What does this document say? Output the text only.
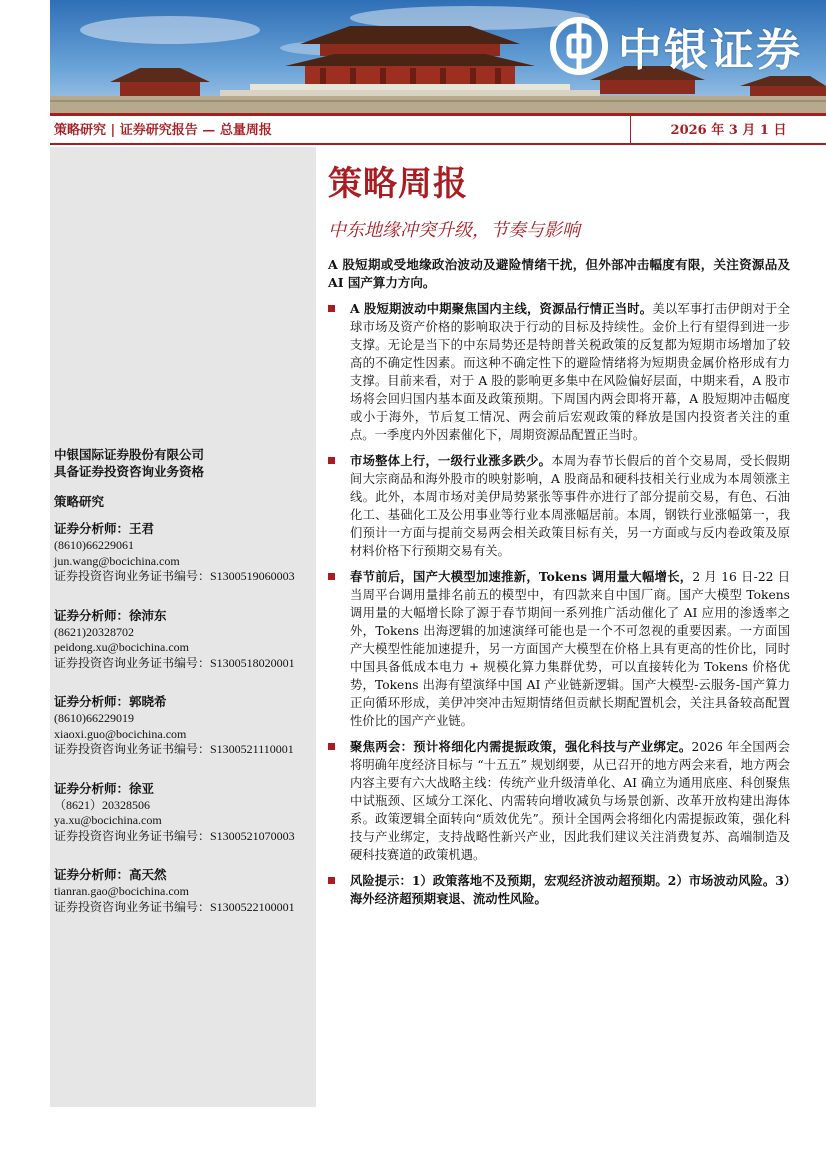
中银证券
策略研究 | 证券研究报告 — 总量周报	2026 年 3 月 1 日
中银国际证券股份有限公司
具备证券投资咨询业务资格
策略研究
证券分析师：王君
(8610)66229061
jun.wang@bocichina.com
证券投资咨询业务证书编号：S1300519060003
证券分析师：徐沛东
(8621)20328702
peidong.xu@bocichina.com
证券投资咨询业务证书编号：S1300518020001
证券分析师：郭晓希
(8610)66229019
xiaoxi.guo@bocichina.com
证券投资咨询业务证书编号：S1300521110001
证券分析师：徐亚
（8621）20328506
ya.xu@bocichina.com
证券投资咨询业务证书编号：S1300521070003
证券分析师：高天然
tianran.gao@bocichina.com
证券投资咨询业务证书编号：S1300522100001
策略周报
中东地缘冲突升级，节奏与影响
A 股短期或受地缘政治波动及避险情绪干扰，但外部冲击幅度有限，关注资源品及 AI 国产算力方向。
A 股短期波动中期聚焦国内主线，资源品行情正当时。美以军事打击伊朗对于全球市场及资产价格的影响取决于行动的目标及持续性。金价上行有望得到进一步支撑。无论是当下的中东局势还是特朗普关税政策的反复都为短期市场增加了较高的不确定性因素。而这种不确定性下的避险情绪将为短期贵金属价格形成有力支撑。目前来看，对于 A 股的影响更多集中在风险偏好层面，中期来看，A 股市场将会回归国内基本面及政策预期。下周国内两会即将开幕，A 股短期冲击幅度或小于海外，节后复工情况、两会前后宏观政策的释放是国内投资者关注的重点。一季度内外因素催化下，周期资源品配置正当时。
市场整体上行，一级行业涨多跌少。本周为春节长假后的首个交易周，受长假期间大宗商品和海外股市的映射影响，A 股商品和硬科技相关行业成为本周领涨主线。此外，本周市场对美伊局势紧张等事件亦进行了部分提前交易，有色、石油化工、基础化工及公用事业等行业本周涨幅居前。本周，钢铁行业涨幅第一，我们预计一方面与提前交易两会相关政策目标有关，另一方面或与反内卷政策及原材料价格下行预期交易有关。
春节前后，国产大模型加速推新，Tokens 调用量大幅增长，2 月 16 日-22 日当周平台调用量排名前五的模型中，有四款来自中国厂商。国产大模型 Tokens 调用量的大幅增长除了源于春节期间一系列推广活动催化了 AI 应用的渗透率之外，Tokens 出海逻辑的加速演绎可能也是一个不可忽视的重要因素。一方面国产大模型性能加速提升，另一方面国产大模型在价格上具有更高的性价比，同时中国具备低成本电力 + 规模化算力集群优势，可以直接转化为 Tokens 价格优势，Tokens 出海有望演绎中国 AI 产业链新逻辑。国产大模型-云服务-国产算力正向循环形成，美伊冲突冲击短期情绪但贡献长期配置机会，关注具备较高配置性价比的国产产业链。
聚焦两会：预计将细化内需提振政策，强化科技与产业绑定。2026 年全国两会将明确年度经济目标与 “十五五” 规划纲要，从已召开的地方两会来看，地方两会内容主要有六大战略主线：传统产业升级清单化、AI 确立为通用底座、科创聚焦中试瓶颈、区域分工深化、内需转向增收减负与场景创新、改革开放构建出海体系。政策逻辑全面转向“质效优先”。预计全国两会将细化内需提振政策，强化科技与产业绑定，支持战略性新兴产业，因此我们建议关注消费复苏、高端制造及硬科技赛道的政策机遇。
风险提示：1）政策落地不及预期，宏观经济波动超预期。2）市场波动风险。3）海外经济超预期衰退、流动性风险。
